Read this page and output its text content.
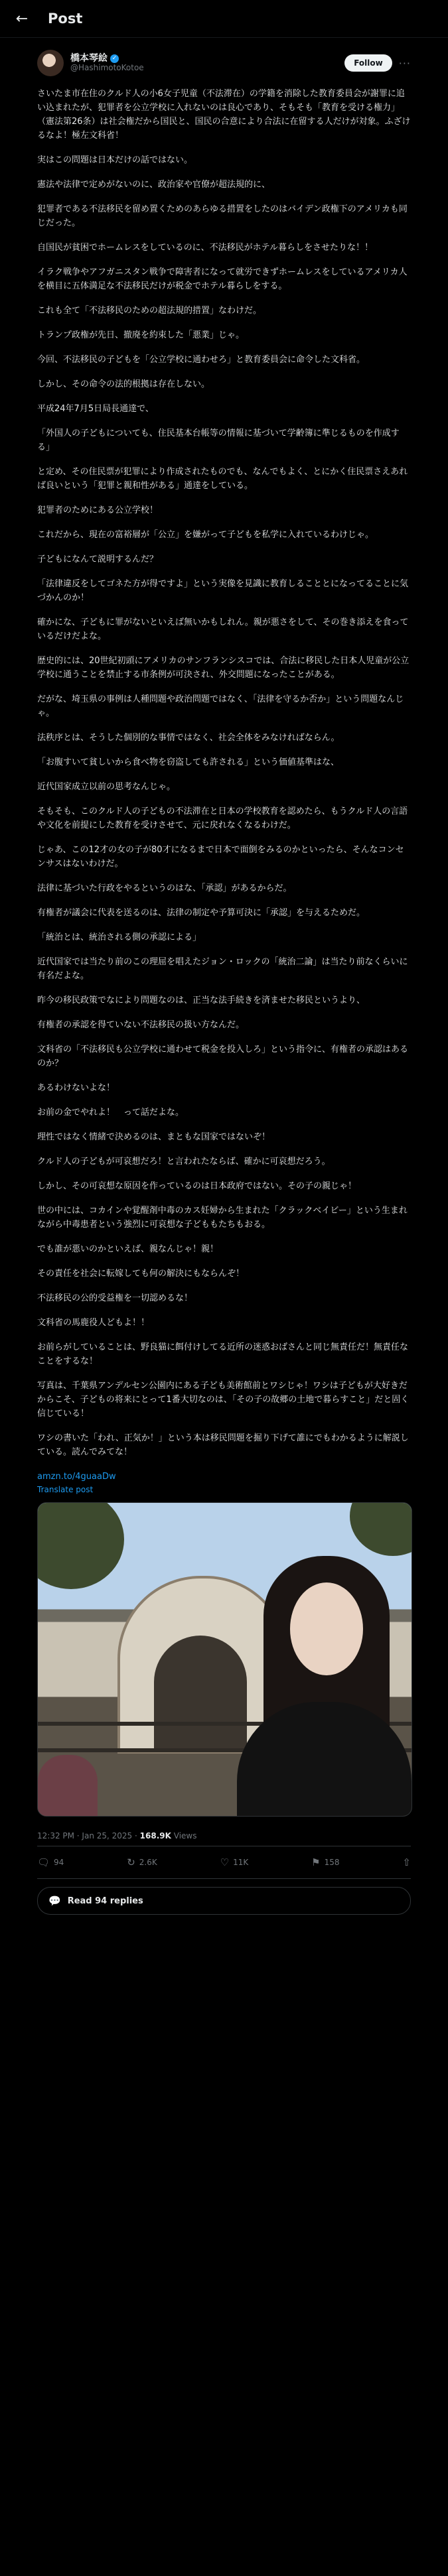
←	Post
橋本琴絵 ✓
@HashimotoKotoe
Follow	···

さいたま市在住のクルド人の小6女子児童（不法滞在）の学籍を消除した教育委員会が謝罪に追い込まれたが、犯罪者を公立学校に入れないのは良心であり、そもそも「教育を受ける権力」（憲法第26条）は社会権だから国民と、国民の合意により合法に在留する人だけが対象。ふざけるなよ！極左文科省！

実はこの問題は日本だけの話ではない。

憲法や法律で定めがないのに、政治家や官僚が超法規的に、

犯罪者である不法移民を留め置くためのあらゆる措置をしたのはバイデン政権下のアメリカも同じだった。

自国民が貧困でホームレスをしているのに、不法移民がホテル暮らしをさせたりな！！

イラク戦争やアフガニスタン戦争で障害者になって就労できずホームレスをしているアメリカ人を横目に五体満足な不法移民だけが税金でホテル暮らしをする。

これも全て「不法移民のための超法規的措置」なわけだ。

トランプ政権が先日、撤廃を約束した「悪業」じゃ。

今回、不法移民の子どもを「公立学校に通わせろ」と教育委員会に命令した文科省。

しかし、その命令の法的根拠は存在しない。

平成24年7月5日局長通達で、

「外国人の子どもについても、住民基本台帳等の情報に基づいて学齢簿に準じるものを作成する」

と定め、その住民票が犯罪により作成されたものでも、なんでもよく、とにかく住民票さえあれば良いという「犯罪と親和性がある」通達をしている。

犯罪者のためにある公立学校！

これだから、現在の富裕層が「公立」を嫌がって子どもを私学に入れているわけじゃ。

子どもになんて説明するんだ？

「法律違反をしてゴネた方が得ですよ」という実像を見識に教育しることとになってることに気づかんのか！

確かにな、子どもに罪がないといえば無いかもしれん。親が悪さをして、その巻き添えを食っているだけだよな。

歴史的には、20世紀初頭にアメリカのサンフランシスコでは、合法に移民した日本人児童が公立学校に通うことを禁止する市条例が可決され、外交問題になったことがある。

だがな、埼玉県の事例は人種問題や政治問題ではなく、「法律を守るか否か」という問題なんじゃ。

法秩序とは、そうした個別的な事情ではなく、社会全体をみなければならん。

「お腹すいて貧しいから食べ物を窃盗しても許される」という価値基準はな、

近代国家成立以前の思考なんじゃ。

そもそも、このクルド人の子どもの不法滞在と日本の学校教育を認めたら、もうクルド人の言語や文化を前提にした教育を受けさせて、元に戻れなくなるわけだ。

じゃあ、この12才の女の子が80才になるまで日本で面倒をみるのかといったら、そんなコンセンサスはないわけだ。

法律に基づいた行政をやるというのはな、「承認」があるからだ。

有権者が議会に代表を送るのは、法律の制定や予算可決に「承認」を与えるためだ。

「統治とは、統治される側の承認による」

近代国家では当たり前のこの理屈を唱えたジョン・ロックの「統治二論」は当たり前なくらいに有名だよな。

昨今の移民政策でなにより問題なのは、正当な法手続きを済ませた移民というより、

有権者の承認を得ていない不法移民の扱い方なんだ。

文科省の「不法移民も公立学校に通わせて税金を投入しろ」という指令に、有権者の承認はあるのか？

あるわけないよな！

お前の金でやれよ！　って話だよな。

理性ではなく情緒で決めるのは、まともな国家ではないぞ！

クルド人の子どもが可哀想だろ！と言われたならば、確かに可哀想だろう。

しかし、その可哀想な原因を作っているのは日本政府ではない。その子の親じゃ！

世の中には、コカインや覚醒剤中毒のカス妊婦から生まれた「クラックベイビー」という生まれながら中毒患者という強烈に可哀想な子どももたちもおる。

でも誰が悪いのかといえば、親なんじゃ！親！

その責任を社会に転嫁しても何の解決にもならんぞ！

不法移民の公的受益権を一切認めるな！

文科省の馬鹿役人どもよ！！

お前らがしていることは、野良猫に餌付けしてる近所の迷惑おばさんと同じ無責任だ！無責任なことをするな！

写真は、千葉県アンデルセン公園内にある子ども美術館前とワシじゃ！ワシは子どもが大好きだからこそ、子どもの将来にとって1番大切なのは、「その子の故郷の土地で暮らすこと」だと固く信じている！

ワシの書いた「われ、正気か！」という本は移民問題を掘り下げて誰にでもわかるように解説している。読んでみてな！

amzn.to/4guaaDw

Translate post
12:32 PM · Jan 25, 2025 · 168.9K Views
🗨 94	↻ 2.6K	♡ 11K	⚑ 158	⇧
💬 Read 94 replies
